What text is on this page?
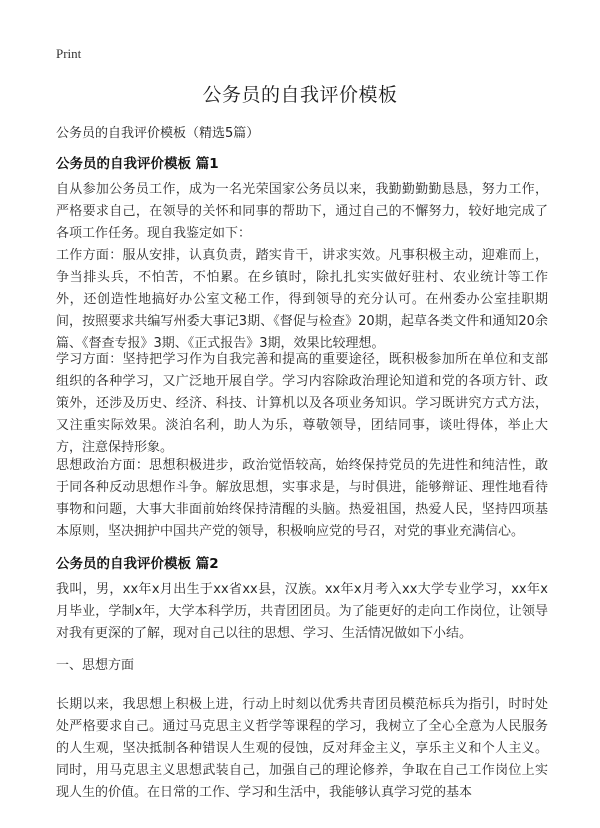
Print
公务员的自我评价模板
公务员的自我评价模板（精选5篇）
公务员的自我评价模板 篇1

自从参加公务员工作，成为一名光荣国家公务员以来，我勤勤勤勤恳恳，努力工作，严格要求自己，在领导的关怀和同事的帮助下，通过自己的不懈努力，较好地完成了各项工作任务。现自我鉴定如下：

工作方面：服从安排，认真负责，踏实肯干，讲求实效。凡事积极主动，迎难而上，争当排头兵，不怕苦，不怕累。在乡镇时，除扎扎实实做好驻村、农业统计等工作外，还创造性地搞好办公室文秘工作，得到领导的充分认可。在州委办公室挂职期间，按照要求共编写州委大事记3期、《督促与检查》20期，起草各类文件和通知20余篇、《督查专报》3期、《正式报告》3期，效果比较理想。

学习方面：坚持把学习作为自我完善和提高的重要途径，既积极参加所在单位和支部组织的各种学习，又广泛地开展自学。学习内容除政治理论知道和党的各项方针、政策外，还涉及历史、经济、科技、计算机以及各项业务知识。学习既讲究方式方法，又注重实际效果。淡泊名利，助人为乐，尊敬领导，团结同事，谈吐得体，举止大方，注意保持形象。

思想政治方面：思想积极进步，政治觉悟较高，始终保持党员的先进性和纯洁性，敢于同各种反动思想作斗争。解放思想，实事求是，与时俱进，能够辩证、理性地看待事物和问题，大事大非面前始终保持清醒的头脑。热爱祖国，热爱人民，坚持四项基本原则，坚决拥护中国共产党的领导，积极响应党的号召，对党的事业充满信心。

公务员的自我评价模板 篇2

我叫，男，xx年x月出生于xx省xx县，汉族。xx年x月考入xx大学专业学习，xx年x月毕业，学制x年，大学本科学历，共青团团员。为了能更好的走向工作岗位，让领导对我有更深的了解，现对自己以往的思想、学习、生活情况做如下小结。

一、思想方面

长期以来，我思想上积极上进，行动上时刻以优秀共青团员模范标兵为指引，时时处处严格要求自己。通过马克思主义哲学等课程的学习，我树立了全心全意为人民服务的人生观，坚决抵制各种错误人生观的侵蚀，反对拜金主义，享乐主义和个人主义。同时，用马克思主义思想武装自己，加强自己的理论修养，争取在自己工作岗位上实现人生的价值。在日常的工作、学习和生活中，我能够认真学习党的基本
